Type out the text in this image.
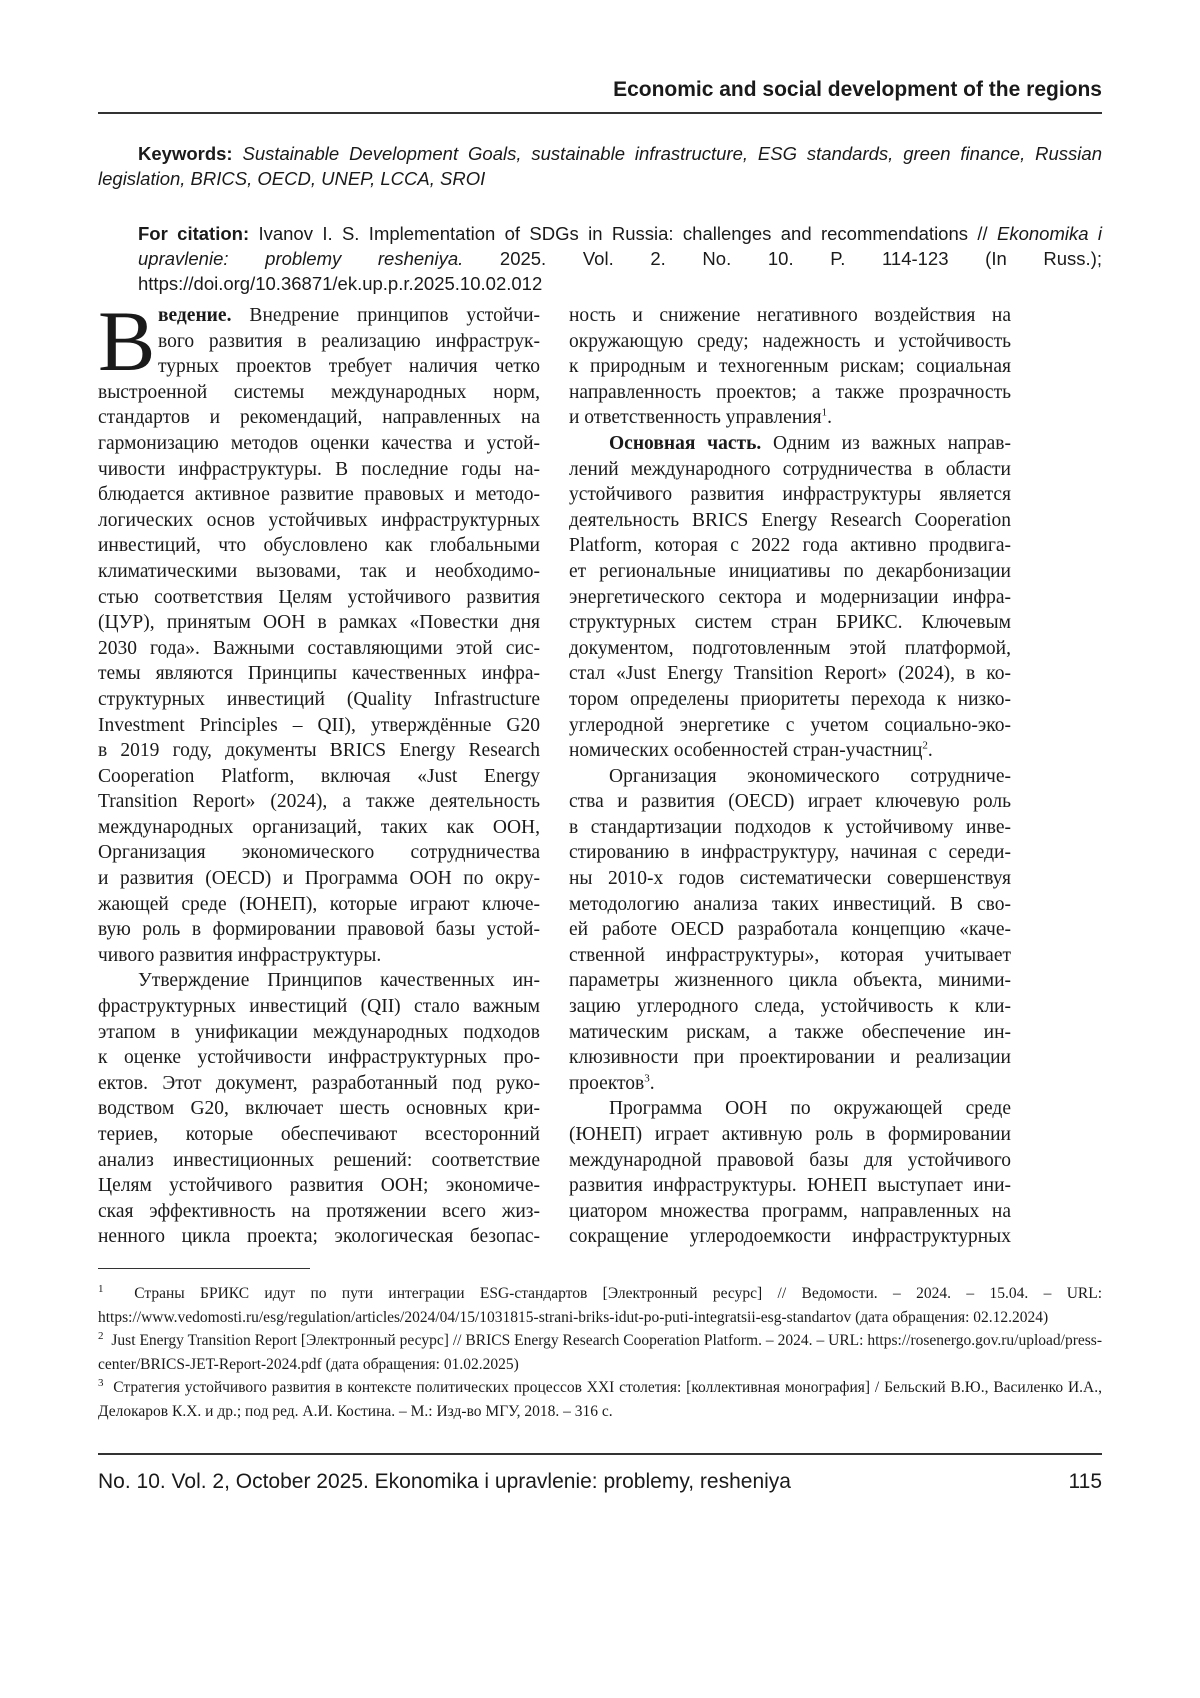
Economic and social development of the regions
Keywords: Sustainable Development Goals, sustainable infrastructure, ESG standards, green finance, Russian legislation, BRICS, OECD, UNEP, LCCA, SROI
For citation: Ivanov I. S. Implementation of SDGs in Russia: challenges and recommendations // Ekonomika i upravlenie: problemy resheniya. 2025. Vol. 2. No. 10. P. 114-123 (In Russ.); https://doi.org/10.36871/ek.up.p.r.2025.10.02.012
В ведение. Внедрение принципов устойчи-
вого развития в реализацию инфраструк-
турных проектов требует наличия четко
выстроенной системы международных норм,
стандартов и рекомендаций, направленных на
гармонизацию методов оценки качества и устой-
чивости инфраструктуры. В последние годы на-
блюдается активное развитие правовых и методо-
логических основ устойчивых инфраструктурных
инвестиций, что обусловлено как глобальными
климатическими вызовами, так и необходимо-
стью соответствия Целям устойчивого развития
(ЦУР), принятым ООН в рамках «Повестки дня
2030 года». Важными составляющими этой сис-
темы являются Принципы качественных инфра-
структурных инвестиций (Quality Infrastructure
Investment Principles – QII), утверждённые G20
в 2019 году, документы BRICS Energy Research
Cooperation Platform, включая «Just Energy
Transition Report» (2024), а также деятельность
международных организаций, таких как ООН,
Организация экономического сотрудничества
и развития (OECD) и Программа ООН по окру-
жающей среде (ЮНЕП), которые играют ключе-
вую роль в формировании правовой базы устой-
чивого развития инфраструктуры.
Утверждение Принципов качественных ин-
фраструктурных инвестиций (QII) стало важным
этапом в унификации международных подходов
к оценке устойчивости инфраструктурных про-
ектов. Этот документ, разработанный под руко-
водством G20, включает шесть основных кри-
териев, которые обеспечивают всесторонний
анализ инвестиционных решений: соответствие
Целям устойчивого развития ООН; экономиче-
ская эффективность на протяжении всего жиз-
ненного цикла проекта; экологическая безопас-
ность и снижение негативного воздействия на
окружающую среду; надежность и устойчивость
к природным и техногенным рискам; социальная
направленность проектов; а также прозрачность
и ответственность управления1.
Основная часть. Одним из важных направ-
лений международного сотрудничества в области
устойчивого развития инфраструктуры является
деятельность BRICS Energy Research Cooperation
Platform, которая с 2022 года активно продвига-
ет региональные инициативы по декарбонизации
энергетического сектора и модернизации инфра-
структурных систем стран БРИКС. Ключевым
документом, подготовленным этой платформой,
стал «Just Energy Transition Report» (2024), в ко-
тором определены приоритеты перехода к низко-
углеродной энергетике с учетом социально-эко-
номических особенностей стран-участниц2.
Организация экономического сотрудниче-
ства и развития (OECD) играет ключевую роль
в стандартизации подходов к устойчивому инве-
стированию в инфраструктуру, начиная с середи-
ны 2010-х годов систематически совершенствуя
методологию анализа таких инвестиций. В сво-
ей работе OECD разработала концепцию «каче-
ственной инфраструктуры», которая учитывает
параметры жизненного цикла объекта, миними-
зацию углеродного следа, устойчивость к кли-
матическим рискам, а также обеспечение ин-
клюзивности при проектировании и реализации
проектов3.
Программа ООН по окружающей среде
(ЮНЕП) играет активную роль в формировании
международной правовой базы для устойчивого
развития инфраструктуры. ЮНЕП выступает ини-
циатором множества программ, направленных на
сокращение углеродоемкости инфраструктурных

1 Страны БРИКС идут по пути интеграции ESG-стандартов [Электронный ресурс] // Ведомости. – 2024. – 15.04. – URL: https://www.vedomosti.ru/esg/regulation/articles/2024/04/15/1031815-strani-briks-idut-po-puti-integratsii-esg-standartov (дата обращения: 02.12.2024)

2 Just Energy Transition Report [Электронный ресурс] // BRICS Energy Research Cooperation Platform. – 2024. – URL: https://rosenergo.gov.ru/upload/press-center/BRICS-JET-Report-2024.pdf (дата обращения: 01.02.2025)

3 Стратегия устойчивого развития в контексте политических процессов XXI столетия: [коллективная монография] / Бельский В.Ю., Василенко И.А., Делокаров К.Х. и др.; под ред. А.И. Костина. – М.: Изд-во МГУ, 2018. – 316 с.

No. 10. Vol. 2, October 2025. Ekonomika i upravlenie: problemy, resheniya	115
